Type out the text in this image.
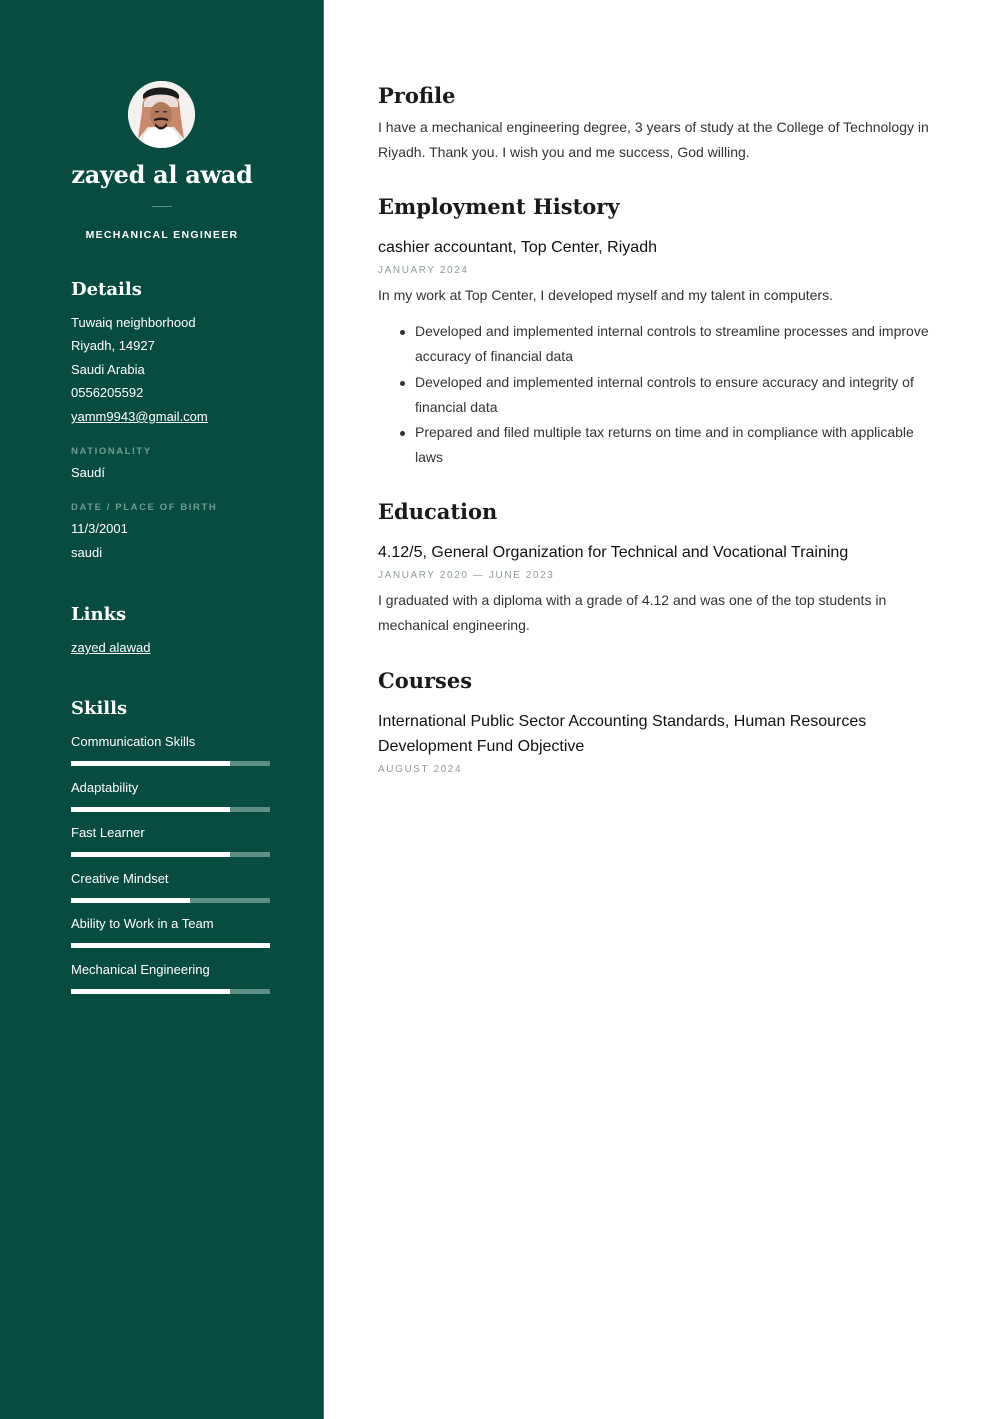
zayed al awad
MECHANICAL ENGINEER
Details
Tuwaiq neighborhood
Riyadh, 14927
Saudi Arabia
0556205592
yamm9943@gmail.com
NATIONALITY
Saudí
DATE / PLACE OF BIRTH
11/3/2001
saudi
Links
zayed alawad
Skills
Communication Skills
Adaptability
Fast Learner
Creative Mindset
Ability to Work in a Team
Mechanical Engineering
Profile
I have a mechanical engineering degree, 3 years of study at the College of Technology in Riyadh. Thank you. I wish you and me success, God willing.
Employment History
cashier accountant, Top Center, Riyadh
JANUARY 2024
In my work at Top Center, I developed myself and my talent in computers.
Developed and implemented internal controls to streamline processes and improve accuracy of financial data
Developed and implemented internal controls to ensure accuracy and integrity of financial data
Prepared and filed multiple tax returns on time and in compliance with applicable laws
Education
4.12/5, General Organization for Technical and Vocational Training
JANUARY 2020 — JUNE 2023
I graduated with a diploma with a grade of 4.12 and was one of the top students in mechanical engineering.
Courses
International Public Sector Accounting Standards, Human Resources Development Fund Objective
AUGUST 2024
